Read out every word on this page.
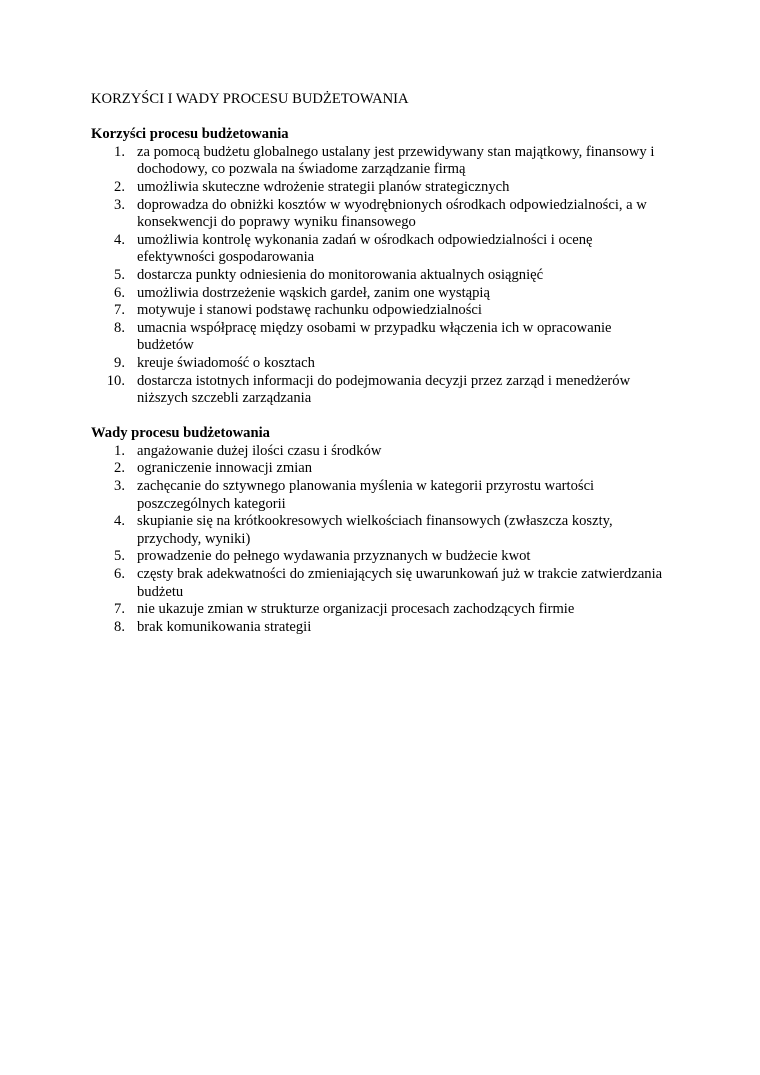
KORZYŚCI I WADY PROCESU BUDŻETOWANIA
Korzyści procesu budżetowania
1. za pomocą budżetu globalnego ustalany jest przewidywany stan majątkowy, finansowy i dochodowy, co pozwala na świadome zarządzanie firmą
2. umożliwia skuteczne wdrożenie strategii planów strategicznych
3. doprowadza do obniżki kosztów w wyodrębnionych ośrodkach odpowiedzialności, a w konsekwencji do poprawy wyniku finansowego
4. umożliwia kontrolę wykonania zadań w ośrodkach odpowiedzialności i ocenę efektywności gospodarowania
5. dostarcza punkty odniesienia do monitorowania aktualnych osiągnięć
6. umożliwia dostrzeżenie wąskich gardeł, zanim one wystąpią
7. motywuje i stanowi podstawę rachunku odpowiedzialności
8. umacnia współpracę między osobami w przypadku włączenia ich w opracowanie budżetów
9. kreuje świadomość o kosztach
10. dostarcza istotnych informacji do podejmowania decyzji przez zarząd i menedżerów niższych szczebli zarządzania
Wady procesu budżetowania
1. angażowanie dużej ilości czasu i środków
2. ograniczenie innowacji zmian
3. zachęcanie do sztywnego planowania myślenia w kategorii przyrostu wartości poszczególnych kategorii
4. skupianie się na krótkookresowych wielkościach finansowych (zwłaszcza koszty, przychody, wyniki)
5. prowadzenie do pełnego wydawania przyznanych w budżecie kwot
6. częsty brak adekwatności do zmieniających się uwarunkowań już w trakcie zatwierdzania budżetu
7. nie ukazuje zmian w strukturze organizacji procesach zachodzących firmie
8. brak komunikowania strategii
